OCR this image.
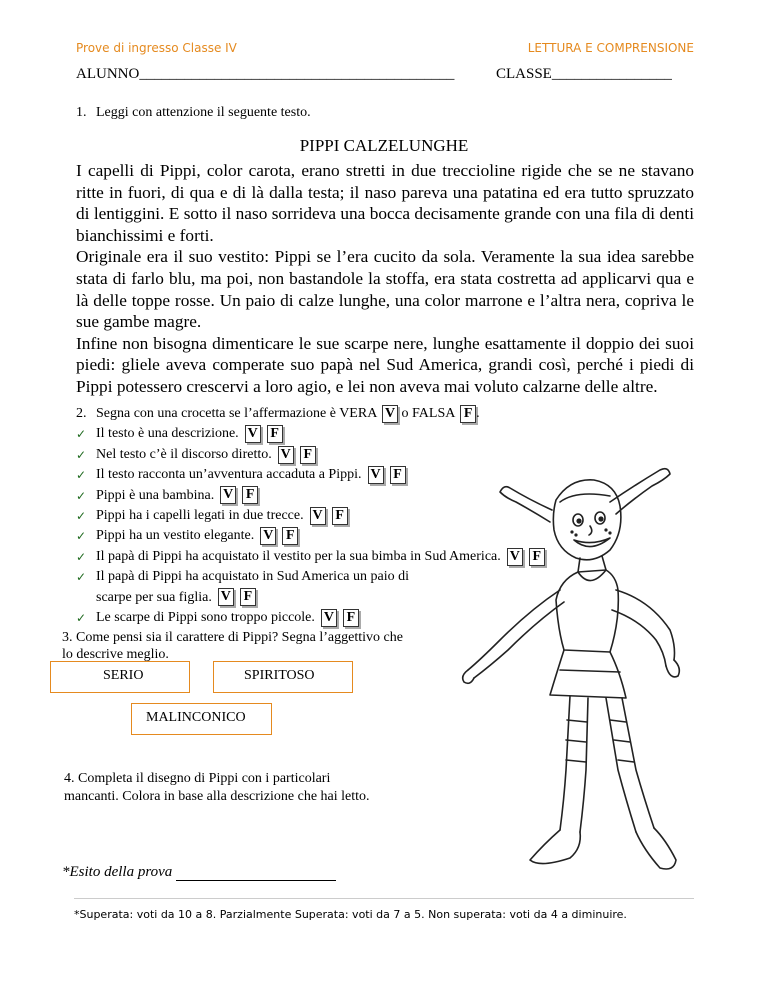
Prove di ingresso Classe IV	LETTURA E COMPRENSIONE
ALUNNO__________________________________________	CLASSE________________
1. Leggi con attenzione il seguente testo.
PIPPI CALZELUNGHE

I capelli di Pippi, color carota, erano stretti in due treccioline rigide che se ne stavano ritte in fuori, di qua e di là dalla testa; il naso pareva una patatina ed era tutto spruzzato di lentiggini. E sotto il naso sorrideva una bocca decisamente grande con una fila di denti bianchissimi e forti.

Originale era il suo vestito: Pippi se l’era cucito da sola. Veramente la sua idea sarebbe stata di farlo blu, ma poi, non bastandole la stoffa, era stata costretta ad applicarvi qua e là delle toppe rosse. Un paio di calze lunghe, una color marrone e l’altra nera, copriva le sue gambe magre.

Infine non bisogna dimenticare le sue scarpe nere, lunghe esattamente il doppio dei suoi piedi: gliele aveva comperate suo papà nel Sud America, grandi così, perché i piedi di Pippi potessero crescervi a loro agio, e lei non aveva mai voluto calzarne delle altre.

2. Segna con una crocetta se l’affermazione è VERA V o FALSA F .
✓ Il testo è una descrizione. V F
✓ Nel testo c’è il discorso diretto. V F
✓ Il testo racconta un’avventura accaduta a Pippi. V F
✓ Pippi è una bambina. V F
✓ Pippi ha i capelli legati in due trecce. V F
✓ Pippi ha un vestito elegante. V F
✓ Il papà di Pippi ha acquistato il vestito per la sua bimba in Sud America. V F
✓ Il papà di Pippi ha acquistato in Sud America un paio di
scarpe per sua figlia. V F
✓ Le scarpe di Pippi sono troppo piccole. V F
3. Come pensi sia il carattere di Pippi? Segna l’aggettivo che
lo descrive meglio.
SERIO	SPIRITOSO
MALINCONICO
4. Completa il disegno di Pippi con i particolari
mancanti. Colora in base alla descrizione che hai letto.
*Esito della prova
*Superata: voti da 10 a 8. Parzialmente Superata: voti da 7 a 5. Non superata: voti da 4 a diminuire.
